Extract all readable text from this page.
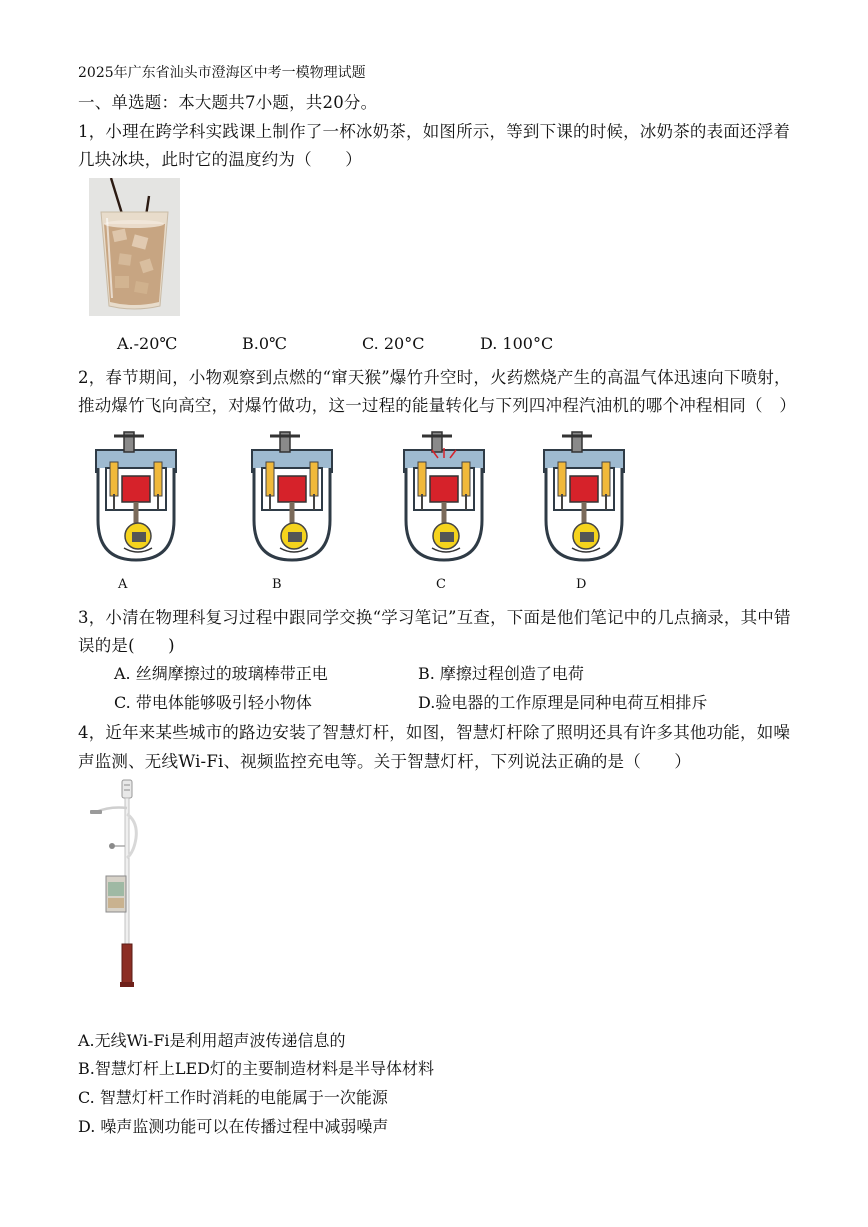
2025年广东省汕头市澄海区中考一模物理试题
一、单选题：本大题共7小题，共20分。
1，小理在跨学科实践课上制作了一杯冰奶茶，如图所示，等到下课的时候，冰奶茶的表面还浮着
几块冰块，此时它的温度约为（　　）
A.-20℃	B.0℃	C. 20°C	D. 100°C
2，春节期间，小物观察到点燃的“窜天猴”爆竹升空时，火药燃烧产生的高温气体迅速向下喷射，
推动爆竹飞向高空，对爆竹做功，这一过程的能量转化与下列四冲程汽油机的哪个冲程相同（　）
A	B	C	D
3，小清在物理科复习过程中跟同学交换“学习笔记”互查，下面是他们笔记中的几点摘录，其中错
误的是(　　)
A. 丝绸摩擦过的玻璃棒带正电	B. 摩擦过程创造了电荷
C. 带电体能够吸引轻小物体	D.验电器的工作原理是同种电荷互相排斥
4，近年来某些城市的路边安装了智慧灯杆，如图，智慧灯杆除了照明还具有许多其他功能，如噪
声监测、无线Wi-Fi、视频监控充电等。关于智慧灯杆，下列说法正确的是（　　）
A.无线Wi-Fi是利用超声波传递信息的
B.智慧灯杆上LED灯的主要制造材料是半导体材料
C. 智慧灯杆工作时消耗的电能属于一次能源
D. 噪声监测功能可以在传播过程中减弱噪声
